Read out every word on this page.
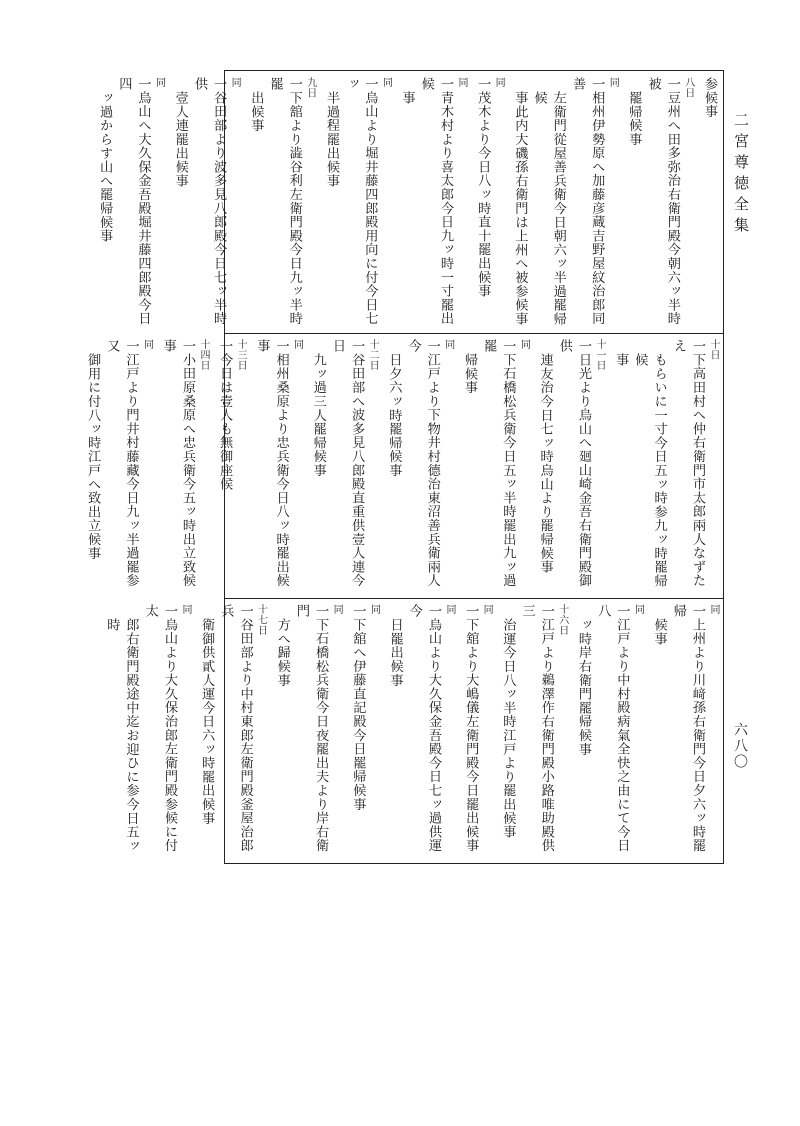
二宮尊徳全集
六八〇
参候事
八日
一豆州へ田多弥治右衛門殿今朝六ッ半時被
罷帰候事
同
一相州伊勢原へ加藤彦蔵吉野屋紋治郎同善
左衛門從屋善兵衛今日朝六ッ半過罷帰候
事此内大磯孫右衛門は上州へ被参候事
同
一茂木より今日八ッ時直十罷出候事
同
一青木村より喜太郎今日九ッ時一寸罷出候
事
同
一烏山より堀井藤四郎殿用向に付今日七ッ
半過程罷出候事
九日
一下舘より澁谷利左衛門殿今日九ッ半時罷
出候事
同
一谷田部より波多見八郎殿今日七ッ半時供
壹人連罷出候事
同
一烏山へ大久保金吾殿堀井藤四郎殿今日四
ッ過からす山へ罷帰候事
十日
一下高田村へ仲右衛門市太郎兩人なずたえ
もらいに一寸今日五ッ時参九ッ時罷帰候
事
十一日
一日光より烏山へ廻山崎金吾右衛門殿御供
連友治今日七ッ時烏山より罷帰候事
同
一下石橋松兵衛今日五ッ半時罷出九ッ過罷
帰候事
同
一江戸より下物井村德治東沼善兵衛兩人今
日夕六ッ時罷帰候事
十二日
一谷田部へ波多見八郎殿直重供壹人連今日
九ッ過三人罷帰候事
同
一相州桑原より忠兵衛今日八ッ時罷出候事
十三日
一今日は壹人も無御座候
十四日
一小田原桑原へ忠兵衛今五ッ時出立致候事
同
一江戸より門井村藤藏今日九ッ半過罷参又
御用に付八ッ時江戸へ致出立候事
同
一上州より川﨑孫右衛門今日夕六ッ時罷帰
候事
同
一江戸より中村殿病氣全快之由にて今日八
ッ時岸右衛門罷帰候事
十六日
一江戸より鵜澤作右衛門殿小路唯助殿供三
治運今日八ッ半時江戸より罷出候事
同
一下舘より大嶋儀左衛門殿今日罷出候事
同
一烏山より大久保金吾殿今日七ッ過供運今
日罷出候事
同
一下舘へ伊藤直記殿今日罷帰候事
同
一下石橋松兵衛今日夜罷出夫より岸右衛門
方へ歸候事
十七日
一谷田部より中村東郎左衛門殿釜屋治郎兵
衛御供貳人運今日六ッ時罷出候事
同
一烏山より大久保治郎左衛門殿参候に付太
郎右衛門殿途中迄お迎ひに参今日五ッ時
